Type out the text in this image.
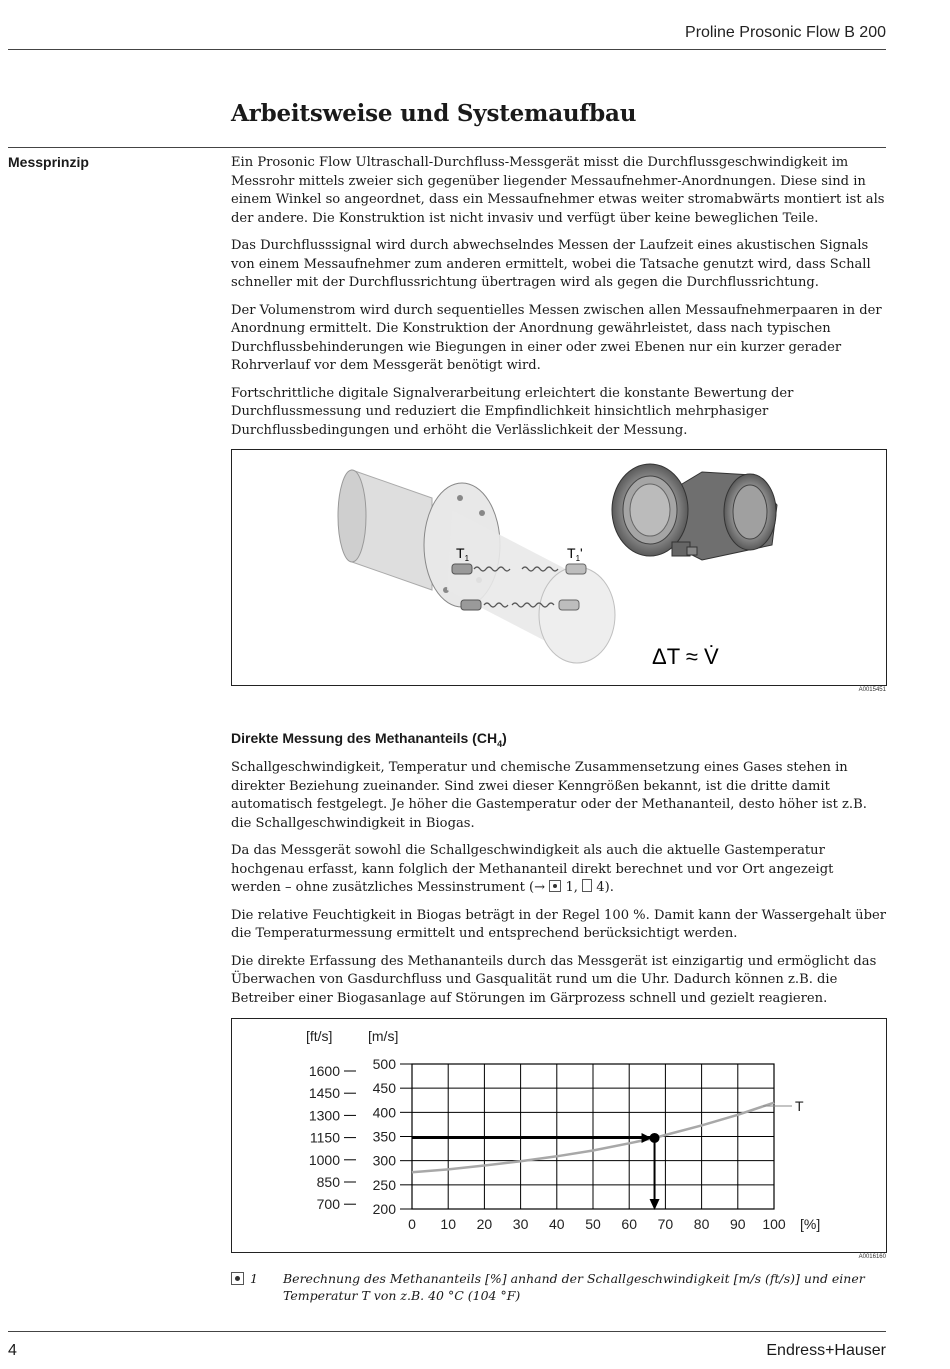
Proline Prosonic Flow B 200
Arbeitsweise und Systemaufbau
Messprinzip	Ein Prosonic Flow Ultraschall-Durchfluss-Messgerät misst die Durchflussgeschwindigkeit im Messrohr mittels zweier sich gegenüber liegender Messaufnehmer-Anordnungen. Diese sind in einem Winkel so angeordnet, dass ein Messaufnehmer etwas weiter stromabwärts montiert ist als der andere. Die Konstruktion ist nicht invasiv und verfügt über keine beweglichen Teile.

Das Durchflusssignal wird durch abwechselndes Messen der Laufzeit eines akustischen Signals von einem Messaufnehmer zum anderen ermittelt, wobei die Tatsache genutzt wird, dass Schall schneller mit der Durchflussrichtung übertragen wird als gegen die Durchflussrichtung.

Der Volumenstrom wird durch sequentielles Messen zwischen allen Messaufnehmerpaaren in der Anordnung ermittelt. Die Konstruktion der Anordnung gewährleistet, dass nach typischen Durchflussbehinderungen wie Biegungen in einer oder zwei Ebenen nur ein kurzer gerader Rohrverlauf vor dem Messgerät benötigt wird.

Fortschrittliche digitale Signalverarbeitung erleichtert die konstante Bewertung der Durchflussmessung und reduziert die Empfindlichkeit hinsichtlich mehrphasiger Durchflussbedingungen und erhöht die Verlässlichkeit der Messung.

$T_1$	$T_1'$
ΔT ≈ V̇
A0015451
Direkte Messung des Methananteils $(CH_4)$

Schallgeschwindigkeit, Temperatur und chemische Zusammensetzung eines Gases stehen in direkter Beziehung zueinander. Sind zwei dieser Kenngrößen bekannt, ist die dritte damit automatisch festgelegt. Je höher die Gastemperatur oder der Methananteil, desto höher ist z.B. die Schallgeschwindigkeit in Biogas.

Da das Messgerät sowohl die Schallgeschwindigkeit als auch die aktuelle Gastemperatur hochgenau erfasst, kann folglich der Methananteil direkt berechnet und vor Ort angezeigt werden – ohne zusätzliches Messinstrument (→
1,  4).

Die relative Feuchtigkeit in Biogas beträgt in der Regel 100 %. Damit kann der Wassergehalt über die Temperaturmessung ermittelt und entsprechend berücksichtigt werden.

Die direkte Erfassung des Methananteils durch das Messgerät ist einzigartig und ermöglicht das Überwachen von Gasdurchfluss und Gasqualität rund um die Uhr. Dadurch können z.B. die Betreiber einer Biogasanlage auf Störungen im Gärprozess schnell und gezielt reagieren.

0 10 20 30 40 50 60 70 80 90 100
200
250
300
350
400
450
500
1600
1450
1300
1150
1000
850
700
[ft/s]	[m/s]
[%]
T
A0016160
1 Berechnung des Methananteils [%] anhand der Schallgeschwindigkeit [m/s (ft/s)] und einer Temperatur T von z.B. 40 °C (104 °F)
4	Endress+Hauser
